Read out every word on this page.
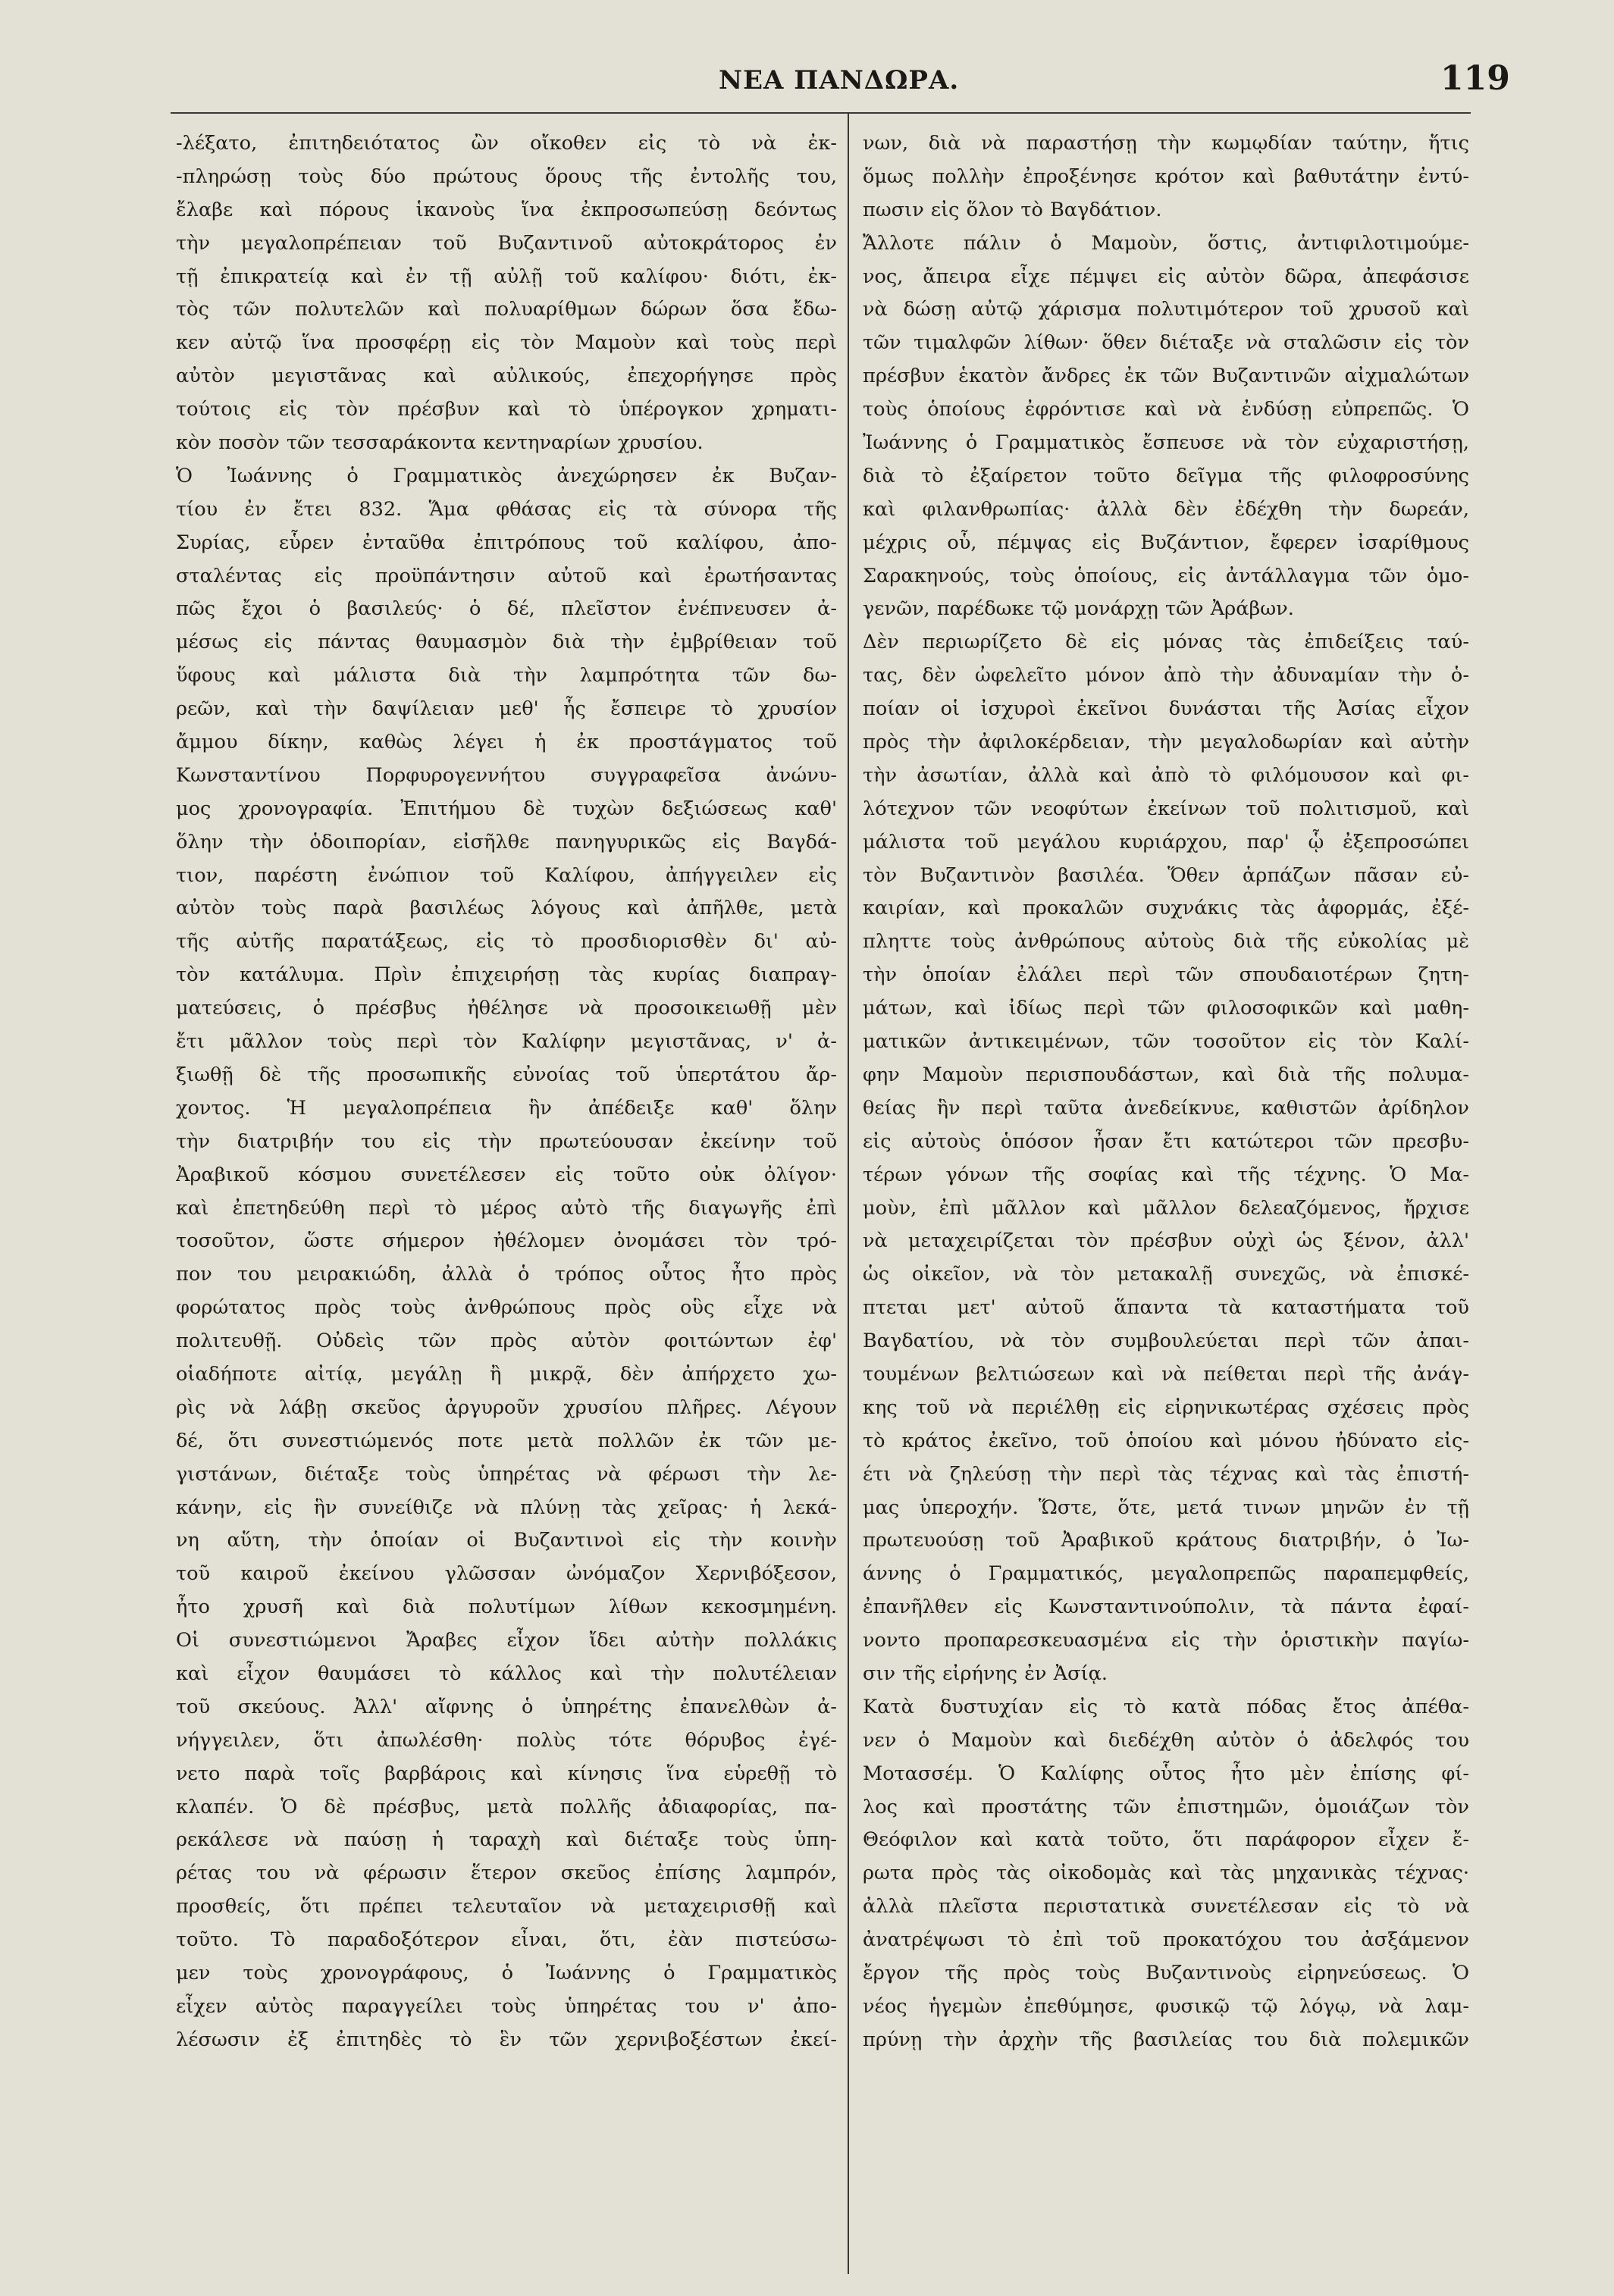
ΝΕΑ ΠΑΝΔΩΡΑ.	119
-λέξατο, ἐπιτηδειότατος ὢν οἴκοθεν εἰς τὸ νὰ ἐκ-
-πληρώσῃ τοὺς δύο πρώτους ὅρους τῆς ἐντολῆς του,
ἔλαβε καὶ πόρους ἱκανοὺς ἵνα ἐκπροσωπεύσῃ δεόντως
τὴν μεγαλοπρέπειαν τοῦ Βυζαντινοῦ αὐτοκράτορος ἐν
τῇ ἐπικρατείᾳ καὶ ἐν τῇ αὐλῇ τοῦ καλίφου· διότι, ἐκ-
τὸς τῶν πολυτελῶν καὶ πολυαρίθμων δώρων ὅσα ἔδω-
κεν αὐτῷ ἵνα προσφέρῃ εἰς τὸν Μαμοὺν καὶ τοὺς περὶ
αὐτὸν μεγιστᾶνας καὶ αὐλικούς, ἐπεχορήγησε πρὸς
τούτοις εἰς τὸν πρέσβυν καὶ τὸ ὑπέρογκον χρηματι-
κὸν ποσὸν τῶν τεσσαράκοντα κεντηναρίων χρυσίου.
Ὁ Ἰωάννης ὁ Γραμματικὸς ἀνεχώρησεν ἐκ Βυζαν-
τίου ἐν ἔτει 832. Ἅμα φθάσας εἰς τὰ σύνορα τῆς
Συρίας, εὗρεν ἐνταῦθα ἐπιτρόπους τοῦ καλίφου, ἀπο-
σταλέντας εἰς προϋπάντησιν αὐτοῦ καὶ ἐρωτήσαντας
πῶς ἔχοι ὁ βασιλεύς· ὁ δέ, πλεῖστον ἐνέπνευσεν ἀ-
μέσως εἰς πάντας θαυμασμὸν διὰ τὴν ἐμβρίθειαν τοῦ
ὕφους καὶ μάλιστα διὰ τὴν λαμπρότητα τῶν δω-
ρεῶν, καὶ τὴν δαψίλειαν μεθ' ἧς ἔσπειρε τὸ χρυσίον
ἄμμου δίκην, καθὼς λέγει ἡ ἐκ προστάγματος τοῦ
Κωνσταντίνου Πορφυρογεννήτου συγγραφεῖσα ἀνώνυ-
μος χρονογραφία. Ἐπιτήμου δὲ τυχὼν δεξιώσεως καθ'
ὅλην τὴν ὁδοιπορίαν, εἰσῆλθε πανηγυρικῶς εἰς Βαγδά-
τιον, παρέστη ἐνώπιον τοῦ Καλίφου, ἀπήγγειλεν εἰς
αὐτὸν τοὺς παρὰ βασιλέως λόγους καὶ ἀπῆλθε, μετὰ
τῆς αὐτῆς παρατάξεως, εἰς τὸ προσδιορισθὲν δι' αὐ-
τὸν κατάλυμα. Πρὶν ἐπιχειρήσῃ τὰς κυρίας διαπραγ-
ματεύσεις, ὁ πρέσβυς ἠθέλησε νὰ προσοικειωθῇ μὲν
ἔτι μᾶλλον τοὺς περὶ τὸν Καλίφην μεγιστᾶνας, ν' ἀ-
ξιωθῇ δὲ τῆς προσωπικῆς εὐνοίας τοῦ ὑπερτάτου ἄρ-
χοντος. Ἡ μεγαλοπρέπεια ἣν ἀπέδειξε καθ' ὅλην
τὴν διατριβήν του εἰς τὴν πρωτεύουσαν ἐκείνην τοῦ
Ἀραβικοῦ κόσμου συνετέλεσεν εἰς τοῦτο οὐκ ὀλίγον·
καὶ ἐπετηδεύθη περὶ τὸ μέρος αὐτὸ τῆς διαγωγῆς ἐπὶ
τοσοῦτον, ὥστε σήμερον ἠθέλομεν ὀνομάσει τὸν τρό-
πον του μειρακιώδη, ἀλλὰ ὁ τρόπος οὗτος ἦτο πρὸς
φορώτατος πρὸς τοὺς ἀνθρώπους πρὸς οὓς εἶχε νὰ
πολιτευθῇ. Οὐδεὶς τῶν πρὸς αὐτὸν φοιτώντων ἐφ'
οἱαδήποτε αἰτίᾳ, μεγάλῃ ἢ μικρᾷ, δὲν ἀπήρχετο χω-
ρὶς νὰ λάβῃ σκεῦος ἀργυροῦν χρυσίου πλῆρες. Λέγουν
δέ, ὅτι συνεστιώμενός ποτε μετὰ πολλῶν ἐκ τῶν με-
γιστάνων, διέταξε τοὺς ὑπηρέτας νὰ φέρωσι τὴν λε-
κάνην, εἰς ἣν συνείθιζε νὰ πλύνῃ τὰς χεῖρας· ἡ λεκά-
νη αὕτη, τὴν ὁποίαν οἱ Βυζαντινοὶ εἰς τὴν κοινὴν
τοῦ καιροῦ ἐκείνου γλῶσσαν ὠνόμαζον Χερνιβόξεσον,
ἦτο χρυσῆ καὶ διὰ πολυτίμων λίθων κεκοσμημένη.
Οἱ συνεστιώμενοι Ἄραβες εἶχον ἴδει αὐτὴν πολλάκις
καὶ εἶχον θαυμάσει τὸ κάλλος καὶ τὴν πολυτέλειαν
τοῦ σκεύους. Ἀλλ' αἴφνης ὁ ὑπηρέτης ἐπανελθὼν ἀ-
νήγγειλεν, ὅτι ἀπωλέσθη· πολὺς τότε θόρυβος ἐγέ-
νετο παρὰ τοῖς βαρβάροις καὶ κίνησις ἵνα εὑρεθῇ τὸ
κλαπέν. Ὁ δὲ πρέσβυς, μετὰ πολλῆς ἀδιαφορίας, πα-
ρεκάλεσε νὰ παύσῃ ἡ ταραχὴ καὶ διέταξε τοὺς ὑπη-
ρέτας του νὰ φέρωσιν ἕτερον σκεῦος ἐπίσης λαμπρόν,
προσθείς, ὅτι πρέπει τελευταῖον νὰ μεταχειρισθῇ καὶ
τοῦτο. Τὸ παραδοξότερον εἶναι, ὅτι, ἐὰν πιστεύσω-
μεν τοὺς χρονογράφους, ὁ Ἰωάννης ὁ Γραμματικὸς
εἶχεν αὐτὸς παραγγείλει τοὺς ὑπηρέτας του ν' ἀπο-
λέσωσιν ἐξ ἐπιτηδὲς τὸ ἓν τῶν χερνιβοξέστων ἐκεί-
νων, διὰ νὰ παραστήσῃ τὴν κωμῳδίαν ταύτην, ἥτις
ὅμως πολλὴν ἐπροξένησε κρότον καὶ βαθυτάτην ἐντύ-
πωσιν εἰς ὅλον τὸ Βαγδάτιον.
Ἄλλοτε πάλιν ὁ Μαμοὺν, ὅστις, ἀντιφιλοτιμούμε-
νος, ἄπειρα εἶχε πέμψει εἰς αὐτὸν δῶρα, ἀπεφάσισε
νὰ δώσῃ αὐτῷ χάρισμα πολυτιμότερον τοῦ χρυσοῦ καὶ
τῶν τιμαλφῶν λίθων· ὅθεν διέταξε νὰ σταλῶσιν εἰς τὸν
πρέσβυν ἑκατὸν ἄνδρες ἐκ τῶν Βυζαντινῶν αἰχμαλώτων
τοὺς ὁποίους ἐφρόντισε καὶ νὰ ἐνδύσῃ εὐπρεπῶς. Ὁ
Ἰωάννης ὁ Γραμματικὸς ἔσπευσε νὰ τὸν εὐχαριστήσῃ,
διὰ τὸ ἐξαίρετον τοῦτο δεῖγμα τῆς φιλοφροσύνης
καὶ φιλανθρωπίας· ἀλλὰ δὲν ἐδέχθη τὴν δωρεάν,
μέχρις οὗ, πέμψας εἰς Βυζάντιον, ἔφερεν ἰσαρίθμους
Σαρακηνούς, τοὺς ὁποίους, εἰς ἀντάλλαγμα τῶν ὁμο-
γενῶν, παρέδωκε τῷ μονάρχῃ τῶν Ἀράβων.
Δὲν περιωρίζετο δὲ εἰς μόνας τὰς ἐπιδείξεις ταύ-
τας, δὲν ὠφελεῖτο μόνον ἀπὸ τὴν ἀδυναμίαν τὴν ὁ-
ποίαν οἱ ἰσχυροὶ ἐκεῖνοι δυνάσται τῆς Ἀσίας εἶχον
πρὸς τὴν ἀφιλοκέρδειαν, τὴν μεγαλοδωρίαν καὶ αὐτὴν
τὴν ἀσωτίαν, ἀλλὰ καὶ ἀπὸ τὸ φιλόμουσον καὶ φι-
λότεχνον τῶν νεοφύτων ἐκείνων τοῦ πολιτισμοῦ, καὶ
μάλιστα τοῦ μεγάλου κυριάρχου, παρ' ᾧ ἐξεπροσώπει
τὸν Βυζαντινὸν βασιλέα. Ὅθεν ἁρπάζων πᾶσαν εὐ-
καιρίαν, καὶ προκαλῶν συχνάκις τὰς ἀφορμάς, ἐξέ-
πληττε τοὺς ἀνθρώπους αὐτοὺς διὰ τῆς εὐκολίας μὲ
τὴν ὁποίαν ἐλάλει περὶ τῶν σπουδαιοτέρων ζητη-
μάτων, καὶ ἰδίως περὶ τῶν φιλοσοφικῶν καὶ μαθη-
ματικῶν ἀντικειμένων, τῶν τοσοῦτον εἰς τὸν Καλί-
φην Μαμοὺν περισπουδάστων, καὶ διὰ τῆς πολυμα-
θείας ἣν περὶ ταῦτα ἀνεδείκνυε, καθιστῶν ἀρίδηλον
εἰς αὐτοὺς ὁπόσον ἦσαν ἔτι κατώτεροι τῶν πρεσβυ-
τέρων γόνων τῆς σοφίας καὶ τῆς τέχνης. Ὁ Μα-
μοὺν, ἐπὶ μᾶλλον καὶ μᾶλλον δελεαζόμενος, ἤρχισε
νὰ μεταχειρίζεται τὸν πρέσβυν οὐχὶ ὡς ξένον, ἀλλ'
ὡς οἰκεῖον, νὰ τὸν μετακαλῇ συνεχῶς, νὰ ἐπισκέ-
πτεται μετ' αὐτοῦ ἅπαντα τὰ καταστήματα τοῦ
Βαγδατίου, νὰ τὸν συμβουλεύεται περὶ τῶν ἀπαι-
τουμένων βελτιώσεων καὶ νὰ πείθεται περὶ τῆς ἀνάγ-
κης τοῦ νὰ περιέλθῃ εἰς εἰρηνικωτέρας σχέσεις πρὸς
τὸ κράτος ἐκεῖνο, τοῦ ὁποίου καὶ μόνου ἠδύνατο εἰς-
έτι νὰ ζηλεύσῃ τὴν περὶ τὰς τέχνας καὶ τὰς ἐπιστή-
μας ὑπεροχήν. Ὥστε, ὅτε, μετά τινων μηνῶν ἐν τῇ
πρωτευούσῃ τοῦ Ἀραβικοῦ κράτους διατριβήν, ὁ Ἰω-
άννης ὁ Γραμματικός, μεγαλοπρεπῶς παραπεμφθείς,
ἐπανῆλθεν εἰς Κωνσταντινούπολιν, τὰ πάντα ἐφαί-
νοντο προπαρεσκευασμένα εἰς τὴν ὁριστικὴν παγίω-
σιν τῆς εἰρήνης ἐν Ἀσίᾳ.
Κατὰ δυστυχίαν εἰς τὸ κατὰ πόδας ἔτος ἀπέθα-
νεν ὁ Μαμοὺν καὶ διεδέχθη αὐτὸν ὁ ἀδελφός του
Μοτασσέμ. Ὁ Καλίφης οὗτος ἦτο μὲν ἐπίσης φί-
λος καὶ προστάτης τῶν ἐπιστημῶν, ὁμοιάζων τὸν
Θεόφιλον καὶ κατὰ τοῦτο, ὅτι παράφορον εἶχεν ἔ-
ρωτα πρὸς τὰς οἰκοδομὰς καὶ τὰς μηχανικὰς τέχνας·
ἀλλὰ πλεῖστα περιστατικὰ συνετέλεσαν εἰς τὸ νὰ
ἀνατρέψωσι τὸ ἐπὶ τοῦ προκατόχου του ἀσξάμενον
ἔργον τῆς πρὸς τοὺς Βυζαντινοὺς εἰρηνεύσεως. Ὁ
νέος ἡγεμὼν ἐπεθύμησε, φυσικῷ τῷ λόγῳ, νὰ λαμ-
πρύνῃ τὴν ἀρχὴν τῆς βασιλείας του διὰ πολεμικῶν
